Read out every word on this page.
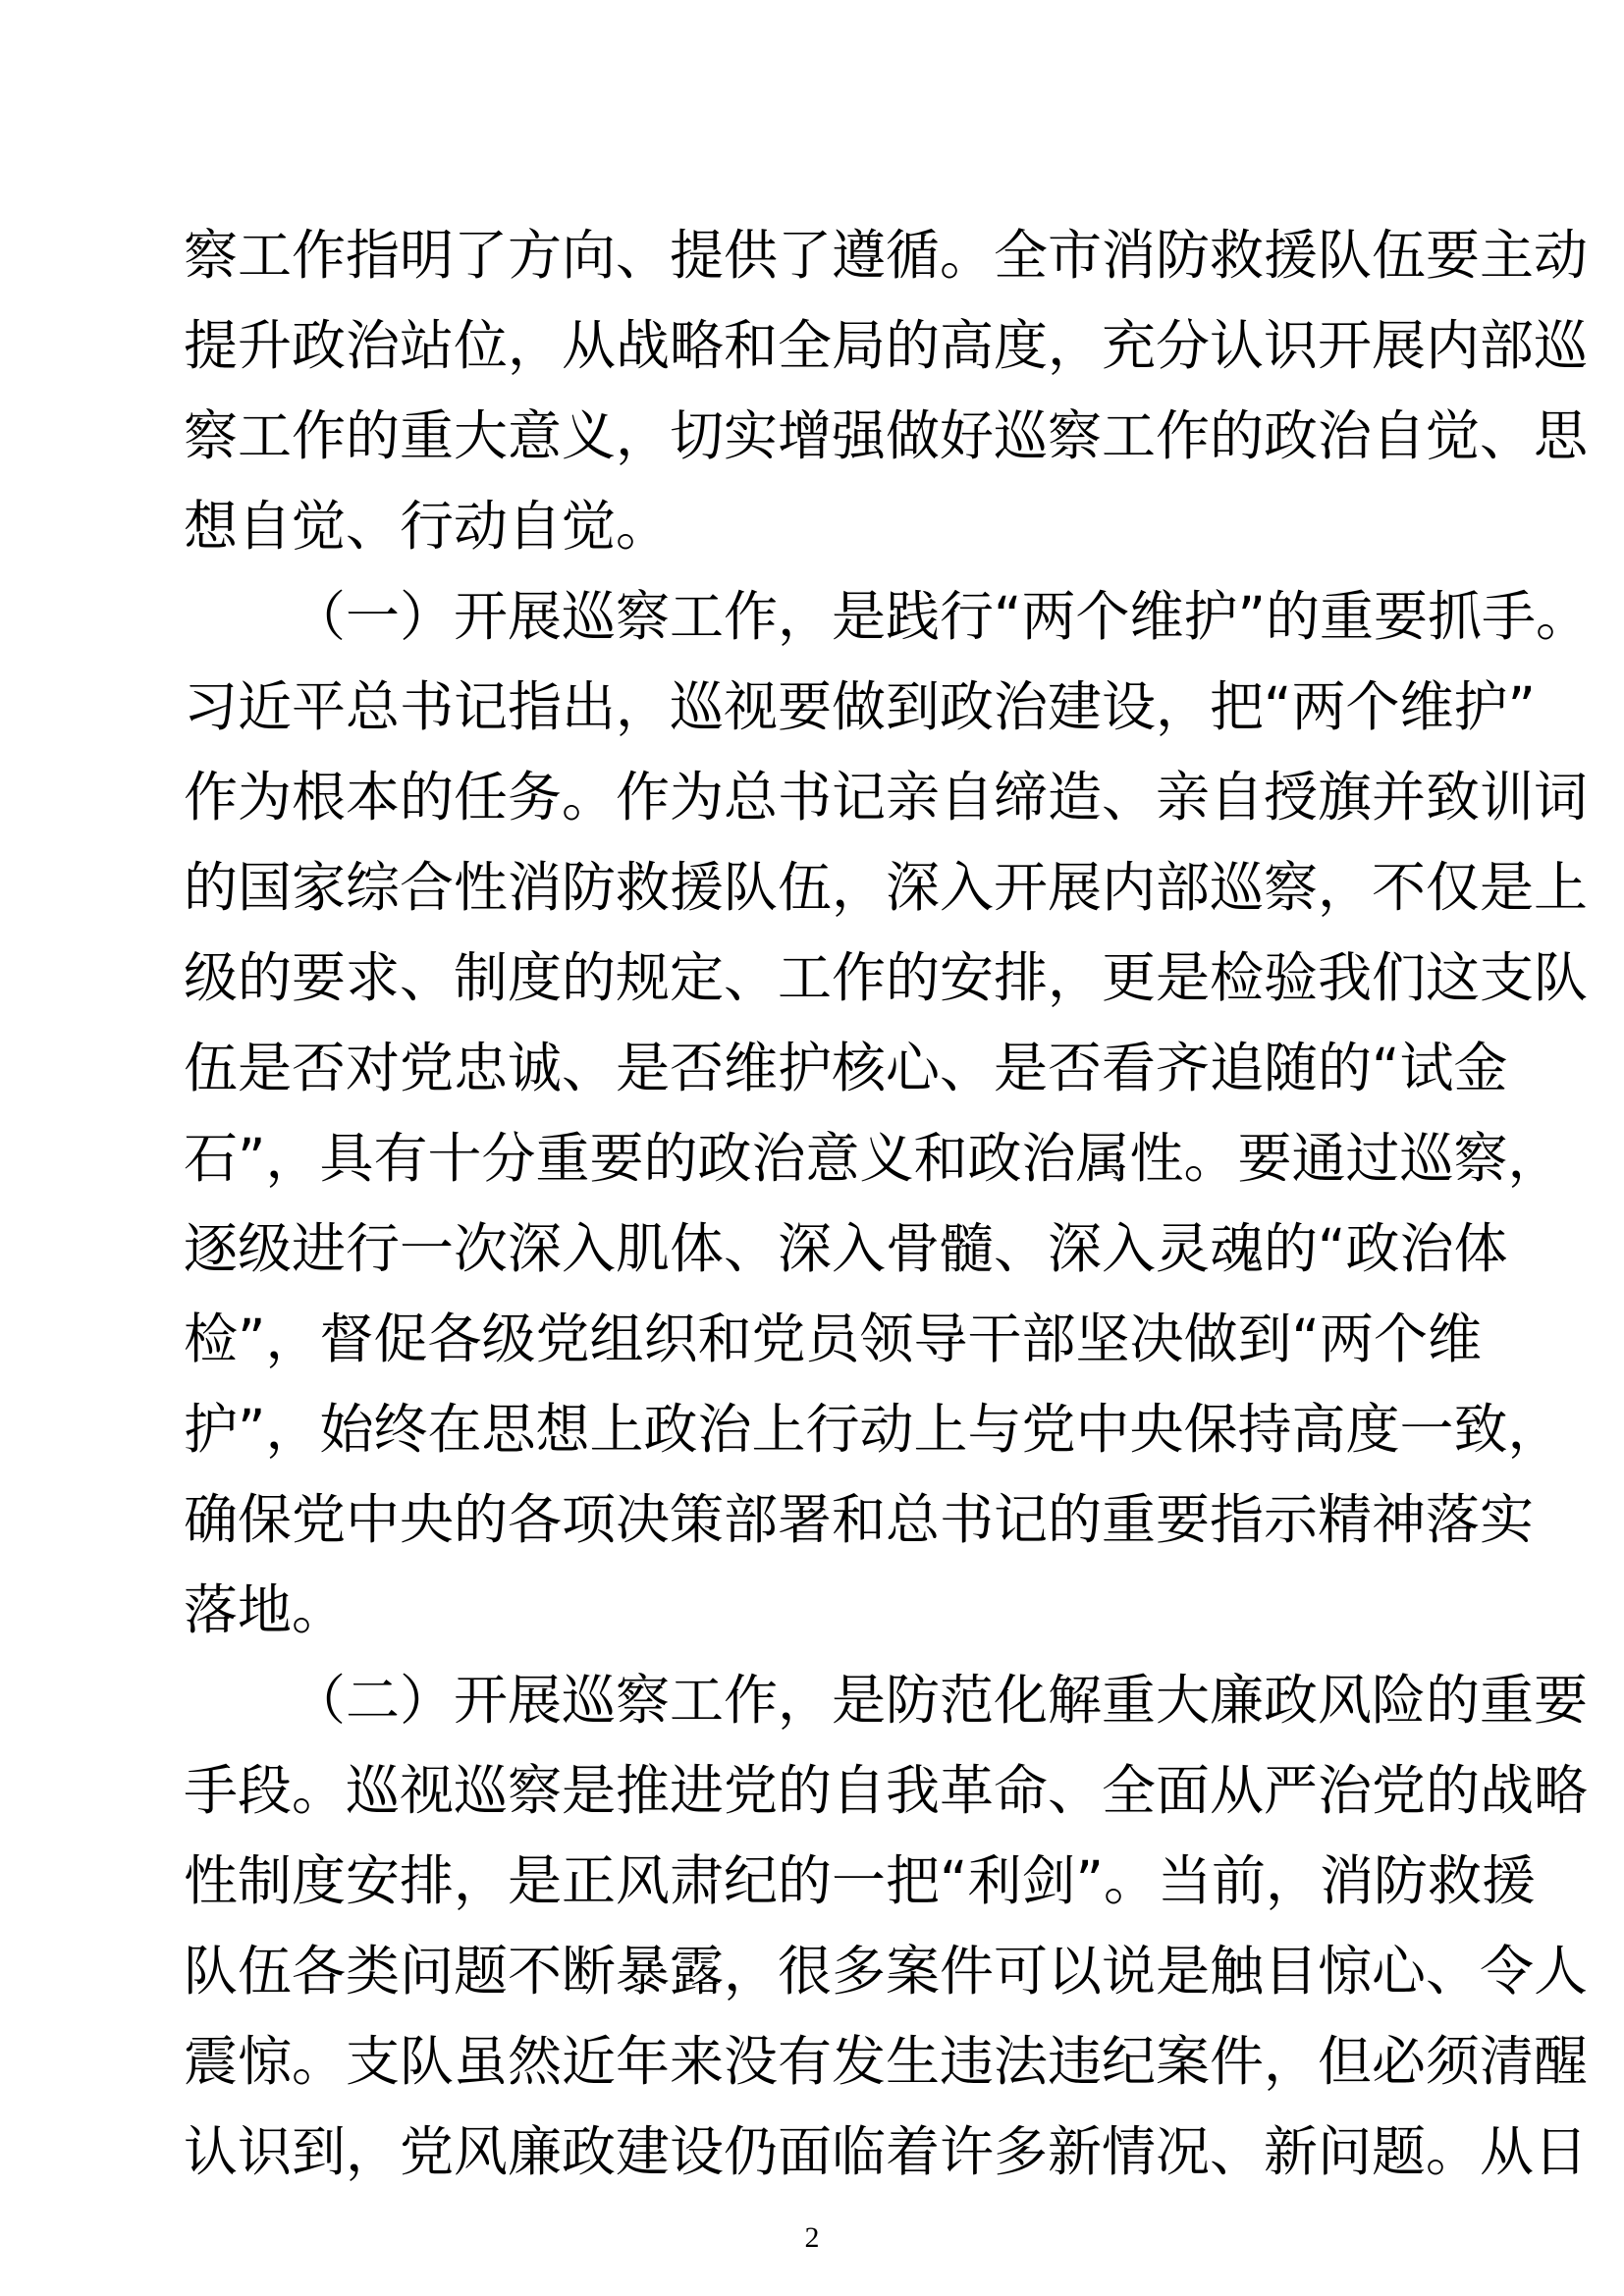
察工作指明了方向、提供了遵循。全市消防救援队伍要主动
提升政治站位，从战略和全局的高度，充分认识开展内部巡
察工作的重大意义，切实增强做好巡察工作的政治自觉、思
想自觉、行动自觉。
（一）开展巡察工作，是践行“两个维护”的重要抓手。
习近平总书记指出，巡视要做到政治建设，把“两个维护”
作为根本的任务。作为总书记亲自缔造、亲自授旗并致训词
的国家综合性消防救援队伍，深入开展内部巡察，不仅是上
级的要求、制度的规定、工作的安排，更是检验我们这支队
伍是否对党忠诚、是否维护核心、是否看齐追随的“试金
石”，具有十分重要的政治意义和政治属性。要通过巡察，
逐级进行一次深入肌体、深入骨髓、深入灵魂的“政治体
检”，督促各级党组织和党员领导干部坚决做到“两个维
护”，始终在思想上政治上行动上与党中央保持高度一致，
确保党中央的各项决策部署和总书记的重要指示精神落实
落地。
（二）开展巡察工作，是防范化解重大廉政风险的重要
手段。巡视巡察是推进党的自我革命、全面从严治党的战略
性制度安排，是正风肃纪的一把“利剑”。当前，消防救援
队伍各类问题不断暴露，很多案件可以说是触目惊心、令人
震惊。支队虽然近年来没有发生违法违纪案件，但必须清醒
认识到，党风廉政建设仍面临着许多新情况、新问题。从日
2
